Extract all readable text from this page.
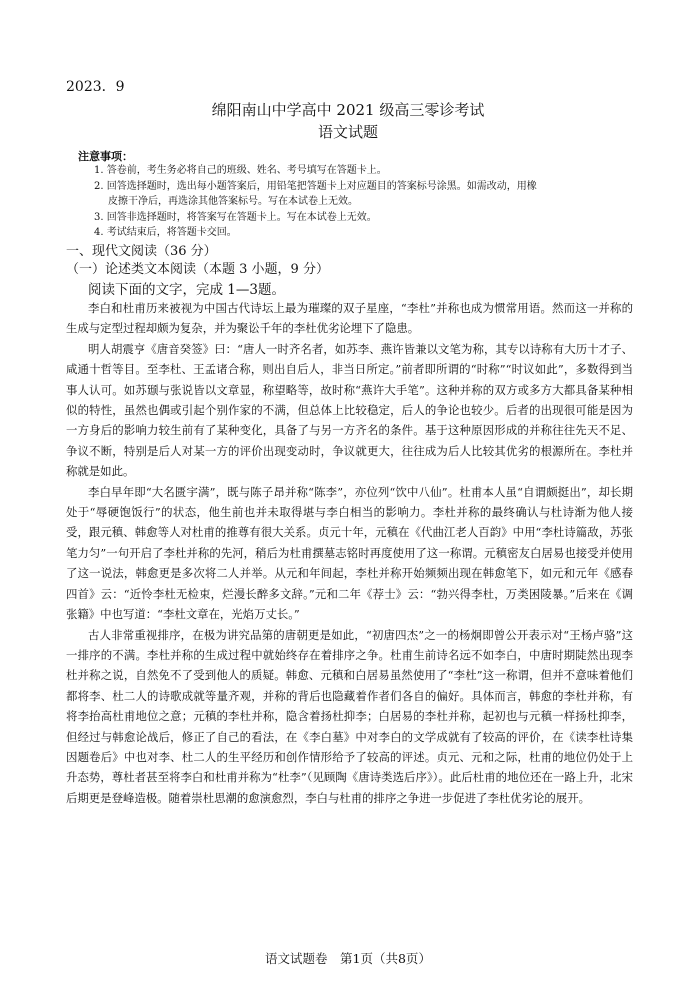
2023．9
绵阳南山中学高中 2021 级高三零诊考试
语文试题
注意事项：
1. 答卷前，考生务必将自己的班级、姓名、考号填写在答题卡上。
2. 回答选择题时，选出每小题答案后，用铅笔把答题卡上对应题目的答案标号涂黑。如需改动，用橡
皮擦干净后，再选涂其他答案标号。写在本试卷上无效。
3. 回答非选择题时，将答案写在答题卡上。写在本试卷上无效。
4. 考试结束后，将答题卡交回。
一、现代文阅读（36 分）
（一）论述类文本阅读（本题 3 小题，9 分）
阅读下面的文字，完成 1—3题。

李白和杜甫历来被视为中国古代诗坛上最为璀璨的双子星座，“李杜”并称也成为惯常用语。然而这一并称的生成与定型过程却颇为复杂，并为聚讼千年的李杜优劣论埋下了隐患。

明人胡震亨《唐音癸签》曰：“唐人一时齐名者，如苏李、燕许皆兼以文笔为称，其专以诗称有大历十才子、咸通十哲等目。至李杜、王孟诸合称，则出自后人，非当日所定。”前者即所谓的“时称”“时议如此”，多数得到当事人认可。如苏颋与张说皆以文章显，称望略等，故时称“燕许大手笔”。这种并称的双方或多方大都具备某种相似的特性，虽然也偶或引起个别作家的不满，但总体上比较稳定，后人的争论也较少。后者的出现很可能是因为一方身后的影响力较生前有了某种变化，具备了与另一方齐名的条件。基于这种原因形成的并称往往先天不足、争议不断，特别是后人对某一方的评价出现变动时，争议就更大，往往成为后人比较其优劣的根源所在。李杜并称就是如此。

李白早年即“大名匮宇满”，既与陈子昂并称“陈李”，亦位列“饮中八仙”。杜甫本人虽“自谓颇挺出”，却长期处于“辱硬饱饭行”的状态，他生前也并未取得堪与李白相当的影响力。李杜并称的最终确认与杜诗渐为他人接受，跟元稹、韩愈等人对杜甫的推尊有很大关系。贞元十年，元稹在《代曲江老人百韵》中用“李杜诗篇敌，苏张笔力匀”一句开启了李杜并称的先河，稍后为杜甫撰墓志铭时再度使用了这一称谓。元稹密友白居易也接受并使用了这一说法，韩愈更是多次将二人并举。从元和年间起，李杜并称开始频频出现在韩愈笔下，如元和元年《感春四首》云：“近怜李杜无检束，烂漫长醉多文辞。”元和二年《荐士》云：“勃兴得李杜，万类困陵暴。”后来在《调张籍》中也写道：“李杜文章在，光焰万丈长。”

古人非常重视排序，在极为讲究品第的唐朝更是如此，“初唐四杰”之一的杨炯即曾公开表示对“王杨卢骆”这一排序的不满。李杜并称的生成过程中就始终存在着排序之争。杜甫生前诗名远不如李白，中唐时期陡然出现李杜并称之说，自然免不了受到他人的质疑。韩愈、元稹和白居易虽然使用了“李杜”这一称谓，但并不意味着他们都将李、杜二人的诗歌成就等量齐观，并称的背后也隐藏着作者们各自的偏好。具体而言，韩愈的李杜并称，有将李抬高杜甫地位之意；元稹的李杜并称，隐含着扬杜抑李；白居易的李杜并称，起初也与元稹一样扬杜抑李，但经过与韩愈论战后，修正了自己的看法，在《李白墓》中对李白的文学成就有了较高的评价，在《读李杜诗集因题卷后》中也对李、杜二人的生平经历和创作情形给予了较高的评述。贞元、元和之际，杜甫的地位仍处于上升态势，尊杜者甚至将李白和杜甫并称为“杜李”（见顾陶《唐诗类选后序》）。此后杜甫的地位还在一路上升，北宋后期更是登峰造极。随着崇杜思潮的愈演愈烈，李白与杜甫的排序之争进一步促进了李杜优劣论的展开。

语文试题卷　第1页（共8页）
